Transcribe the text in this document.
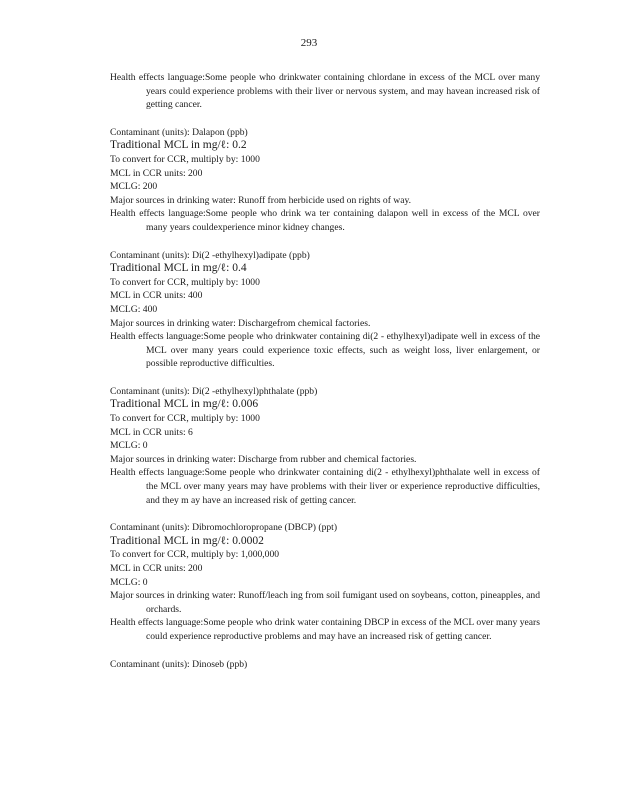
293
Health effects language:Some people who drinkwater containing chlordane in excess of the MCL over many years could experience problems with their liver or nervous system, and may havean increased risk of getting cancer.
Contaminant (units): Dalapon (ppb)
Traditional MCL in mg/ℓ: 0.2
To convert for CCR, multiply by: 1000
MCL in CCR units: 200
MCLG: 200
Major sources in drinking water: Runoff from herbicide used on rights of way.
Health effects language:Some people who drink wa ter containing dalapon well in excess of the MCL over many years couldexperience minor kidney changes.
Contaminant (units): Di(2 -ethylhexyl)adipate (ppb)
Traditional MCL in mg/ℓ: 0.4
To convert for CCR, multiply by: 1000
MCL in CCR units: 400
MCLG: 400
Major sources in drinking water: Dischargefrom chemical factories.
Health effects language:Some people who drinkwater containing di(2 - ethylhexyl)adipate well in excess of the MCL over many years could experience toxic effects, such as weight loss, liver enlargement, or possible reproductive difficulties.
Contaminant (units): Di(2 -ethylhexyl)phthalate (ppb)
Traditional MCL in mg/ℓ: 0.006
To convert for CCR, multiply by: 1000
MCL in CCR units: 6
MCLG: 0
Major sources in drinking water: Discharge from rubber and chemical factories.
Health effects language:Some people who drinkwater containing di(2 - ethylhexyl)phthalate well in excess of the MCL over many years may have problems with their liver or experience reproductive difficulties, and they m ay have an increased risk of getting cancer.
Contaminant (units): Dibromochloropropane (DBCP) (ppt)
Traditional MCL in mg/ℓ: 0.0002
To convert for CCR, multiply by: 1,000,000
MCL in CCR units: 200
MCLG: 0
Major sources in drinking water: Runoff/leach ing from soil fumigant used on soybeans, cotton, pineapples, and orchards.
Health effects language:Some people who drink water containing DBCP in excess of the MCL over many years could experience reproductive problems and may have an increased risk of getting cancer.
Contaminant (units): Dinoseb (ppb)
